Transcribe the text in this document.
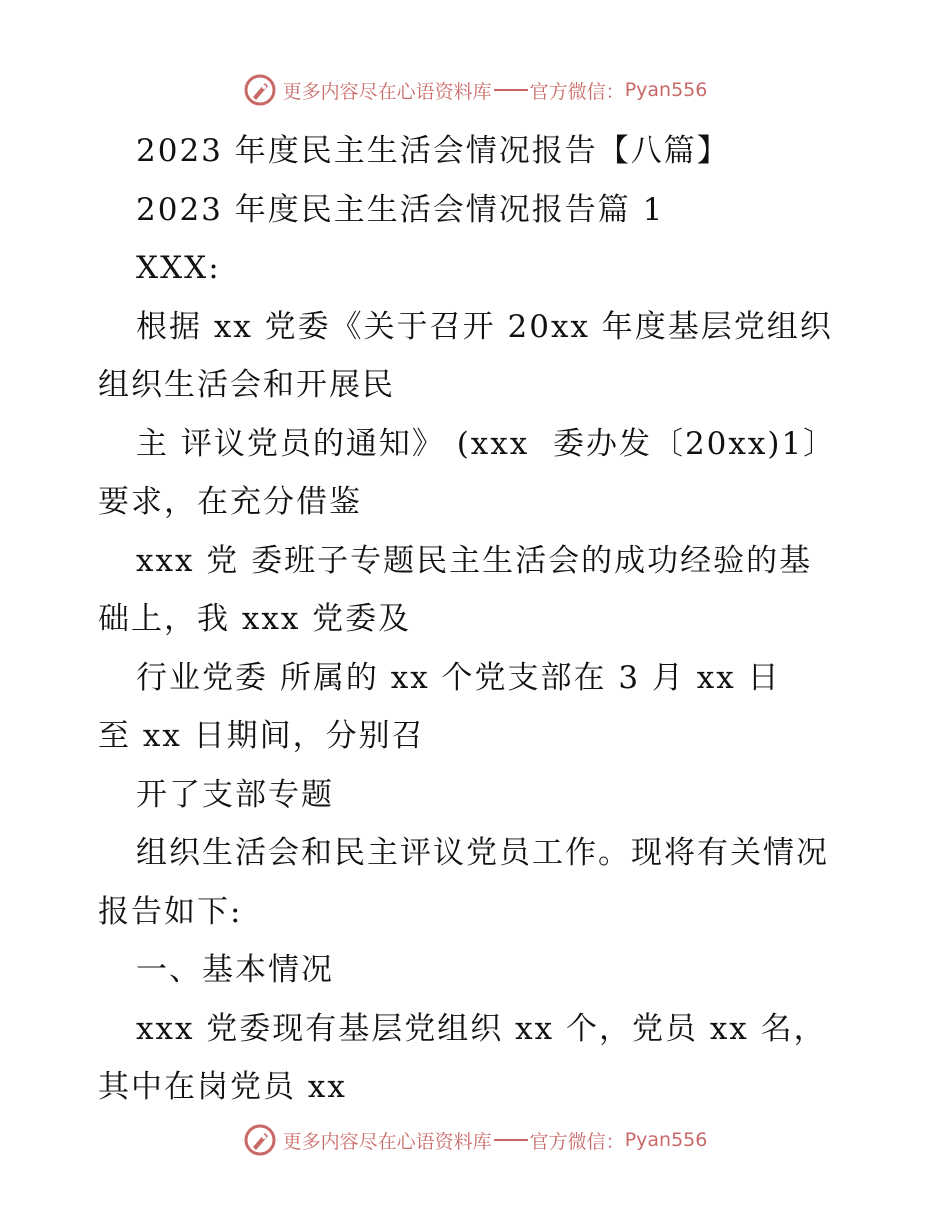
更多内容尽在心语资料库 官方微信： Pyan556
2023 年度民主生活会情况报告【八篇】
2023 年度民主生活会情况报告篇 1
XXX:
根据 xx 党委《关于召开 20xx 年度基层党组织
组织生活会和开展民
主 评议党员的通知》 (xxx  委办发〔20xx)1〕
要求，在充分借鉴
xxx 党 委班子专题民主生活会的成功经验的基
础上，我 xxx 党委及
行业党委 所属的 xx 个党支部在 3 月 xx 日
至 xx 日期间，分别召
开了支部专题
组织生活会和民主评议党员工作。现将有关情况
报告如下:
一、基本情况
xxx 党委现有基层党组织 xx 个，党员 xx 名，
其中在岗党员 xx
更多内容尽在心语资料库 官方微信： Pyan556
